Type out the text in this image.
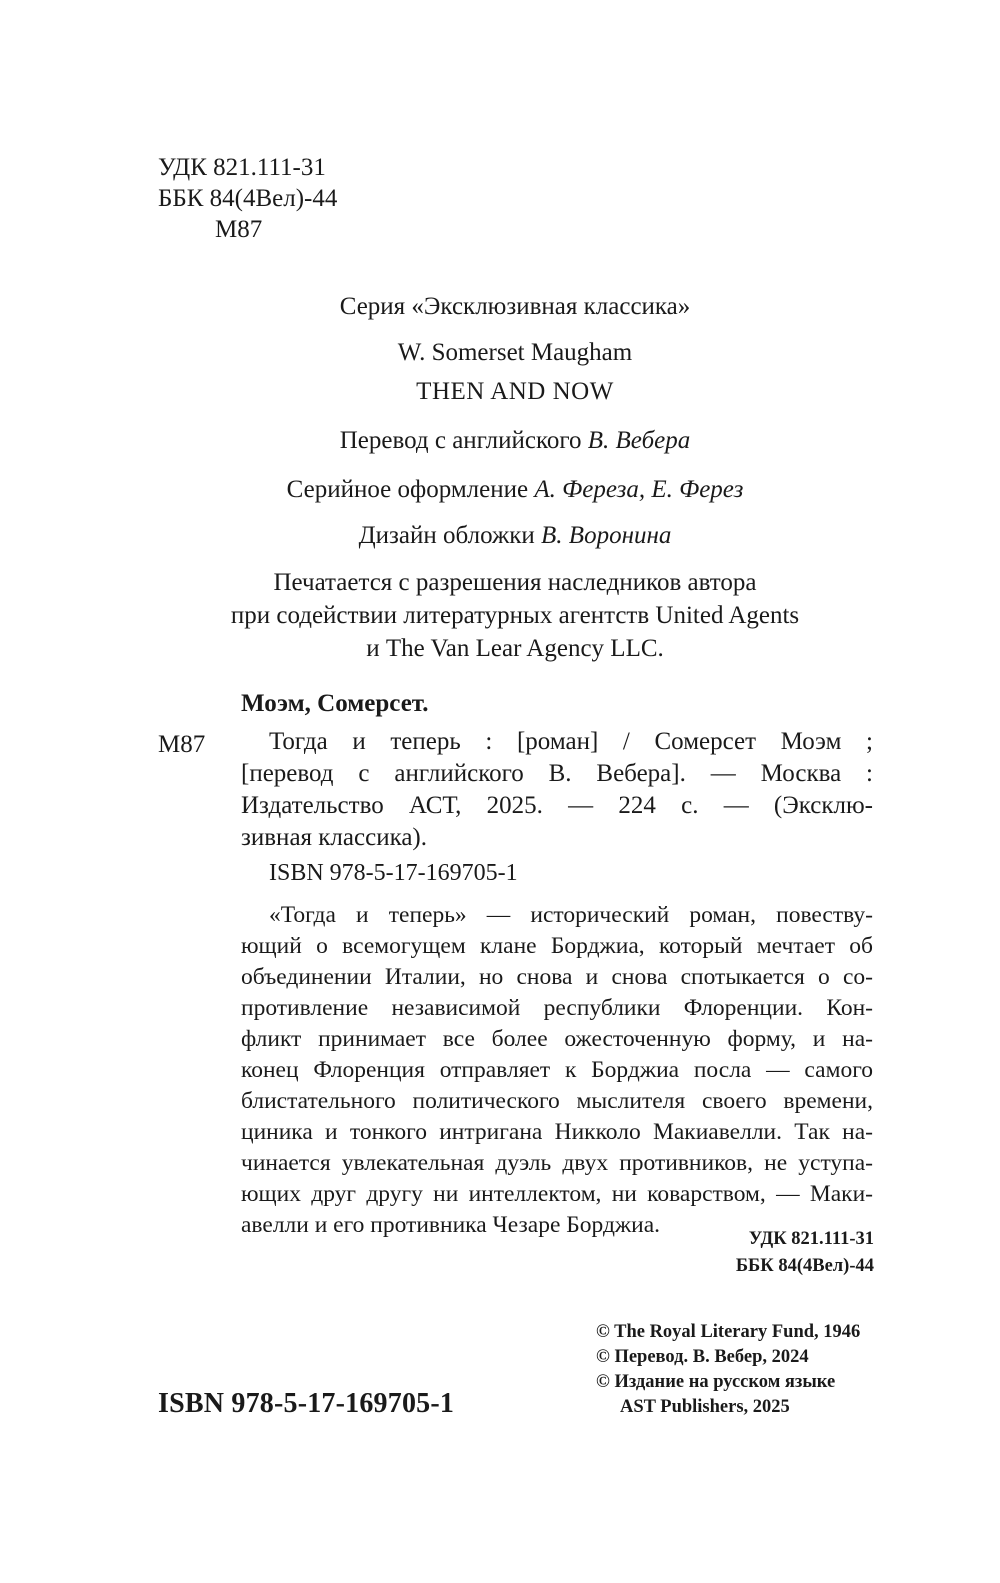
УДК 821.111-31
ББК 84(4Вел)-44
М87
Серия «Эксклюзивная классика»
W. Somerset Maugham
THEN AND NOW
Перевод с английского В. Вебера
Серийное оформление А. Фереза, Е. Ферез
Дизайн обложки В. Воронина
Печатается с разрешения наследников автора
при содействии литературных агентств United Agents
и The Van Lear Agency LLC.
Моэм, Сомерсет.
М87	Тогда и теперь : [роман] / Сомерсет Моэм ;
[перевод с английского В. Вебера]. — Москва :
Издательство АСТ, 2025. — 224 с. — (Эксклю-
зивная классика).
ISBN 978-5-17-169705-1
«Тогда и теперь» — исторический роман, повеству-
ющий о всемогущем клане Борджиа, который мечтает об
объединении Италии, но снова и снова спотыкается о со-
противление независимой республики Флоренции. Кон-
фликт принимает все более ожесточенную форму, и на-
конец Флоренция отправляет к Борджиа посла — самого
блистательного политического мыслителя своего времени,
циника и тонкого интригана Никколо Макиавелли. Так на-
чинается увлекательная дуэль двух противников, не уступа-
ющих друг другу ни интеллектом, ни коварством, — Маки-
авелли и его противника Чезаре Борджиа.
УДК 821.111-31
ББК 84(4Вел)-44
© The Royal Literary Fund, 1946
© Перевод. В. Вебер, 2024
© Издание на русском языке
AST Publishers, 2025
ISBN 978-5-17-169705-1
